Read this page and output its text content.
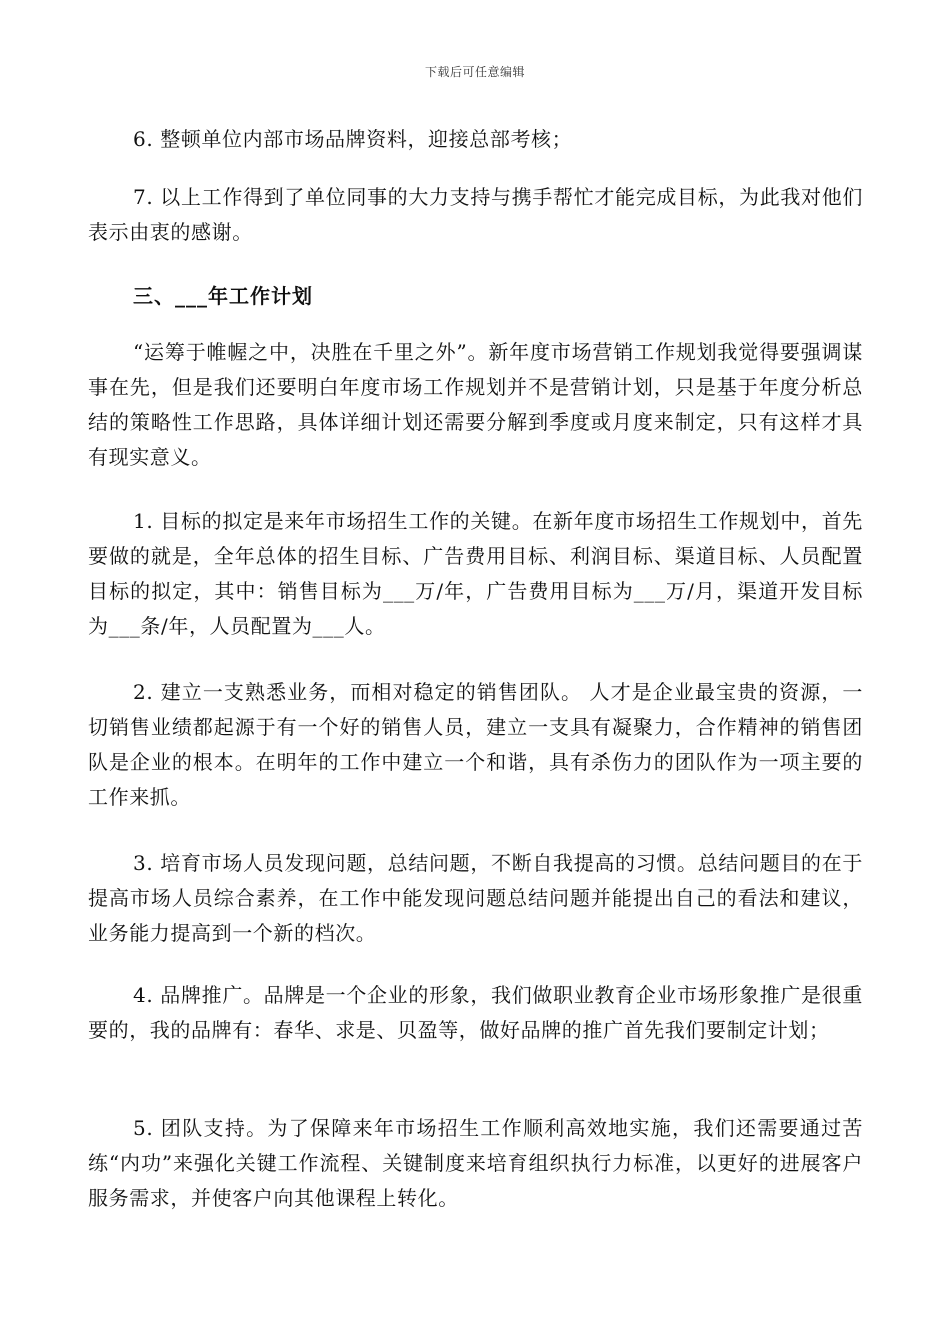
下载后可任意编辑
6. 整顿单位内部市场品牌资料，迎接总部考核；
7. 以上工作得到了单位同事的大力支持与携手帮忙才能完成目标，为此我对他们表示由衷的感谢。
三、___年工作计划
“运筹于帷幄之中，决胜在千里之外”。新年度市场营销工作规划我觉得要强调谋事在先，但是我们还要明白年度市场工作规划并不是营销计划，只是基于年度分析总结的策略性工作思路，具体详细计划还需要分解到季度或月度来制定，只有这样才具有现实意义。
1. 目标的拟定是来年市场招生工作的关键。在新年度市场招生工作规划中，首先要做的就是，全年总体的招生目标、广告费用目标、利润目标、渠道目标、人员配置目标的拟定，其中：销售目标为___万/年，广告费用目标为___万/月，渠道开发目标为___条/年，人员配置为___人。
2. 建立一支熟悉业务，而相对稳定的销售团队。 人才是企业最宝贵的资源，一切销售业绩都起源于有一个好的销售人员，建立一支具有凝聚力，合作精神的销售团队是企业的根本。在明年的工作中建立一个和谐，具有杀伤力的团队作为一项主要的工作来抓。
3. 培育市场人员发现问题，总结问题，不断自我提高的习惯。总结问题目的在于提高市场人员综合素养，在工作中能发现问题总结问题并能提出自己的看法和建议，业务能力提高到一个新的档次。
4. 品牌推广。品牌是一个企业的形象，我们做职业教育企业市场形象推广是很重要的，我的品牌有：春华、求是、贝盈等，做好品牌的推广首先我们要制定计划；
5. 团队支持。为了保障来年市场招生工作顺利高效地实施，我们还需要通过苦练“内功”来强化关键工作流程、关键制度来培育组织执行力标准，以更好的进展客户服务需求，并使客户向其他课程上转化。
